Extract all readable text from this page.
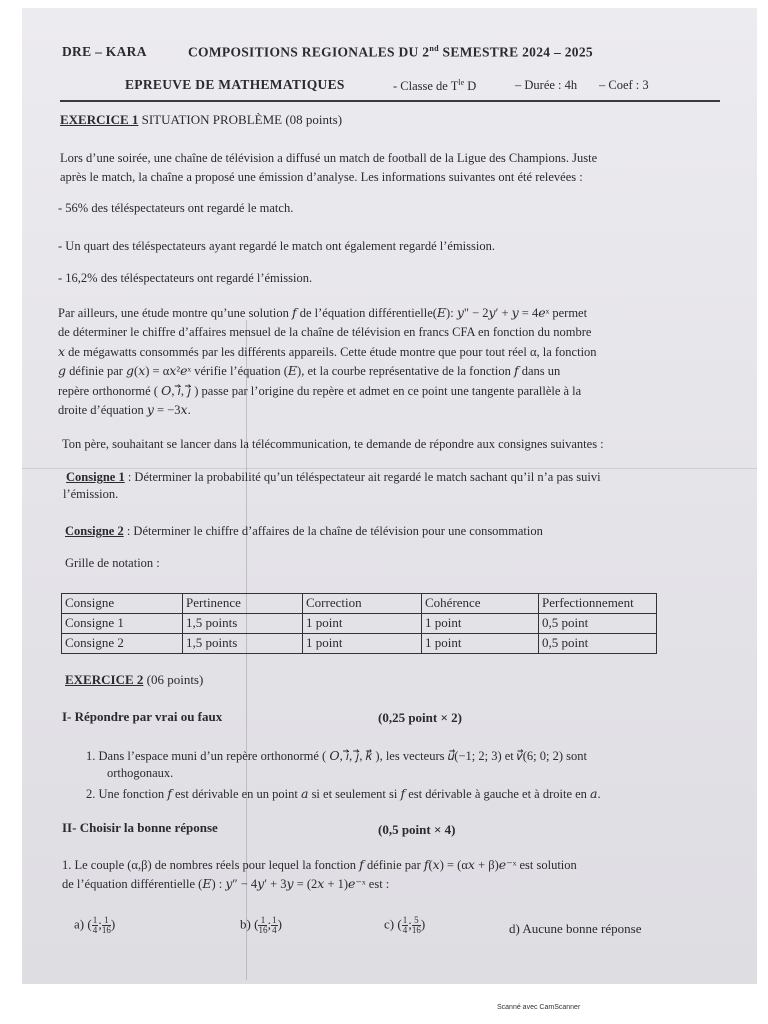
DRE – KARA	COMPOSITIONS REGIONALES DU 2nd SEMESTRE 2024 – 2025
EPREUVE DE MATHEMATIQUES	- Classe de $T^{le}$ D	– Durée : 4h – Coef : 3
EXERCICE 1 SITUATION PROBLÈME (08 points)
Lors d’une soirée, une chaîne de télévision a diffusé un match de football de la Ligue des Champions. Juste
après le match, la chaîne a proposé une émission d’analyse. Les informations suivantes ont été relevées :
- 56% des téléspectateurs ont regardé le match.
- Un quart des téléspectateurs ayant regardé le match ont également regardé l’émission.
- 16,2% des téléspectateurs ont regardé l’émission.
Par ailleurs, une étude montre qu’une solution 𝑓 de l’équation différentielle(𝐸): 𝑦" − 2𝑦′ + 𝑦 = 4𝑒ˣ permet
de déterminer le chiffre d’affaires mensuel de la chaîne de télévision en francs CFA en fonction du nombre
𝑥 de mégawatts consommés par les différents appareils. Cette étude montre que pour tout réel α, la fonction
𝑔 définie par 𝑔(𝑥) = α𝑥²𝑒ˣ vérifie l’équation (𝐸), et la courbe représentative de la fonction 𝑓 dans un
repère orthonormé ( 𝑂, 𝑖⃗, 𝑗⃗ ) passe par l’origine du repère et admet en ce point une tangente parallèle à la
droite d’équation 𝑦 = −3𝑥.
Ton père, souhaitant se lancer dans la télécommunication, te demande de répondre aux consignes suivantes :
Consigne 1 : Déterminer la probabilité qu’un téléspectateur ait regardé le match sachant qu’il n’a pas suivi
l’émission.
Consigne 2 : Déterminer le chiffre d’affaires de la chaîne de télévision pour une consommation
Grille de notation :
Consigne	Pertinence	Correction	Cohérence	Perfectionnement
Consigne 1	1,5 points	1 point	1 point	0,5 point
Consigne 2	1,5 points	1 point	1 point	0,5 point
EXERCICE 2 (06 points)
I- Répondre par vrai ou faux	(0,25 point × 2)
1. Dans l’espace muni d’un repère orthonormé ( 𝑂, 𝑖⃗, 𝑗⃗, 𝑘⃗ ), les vecteurs 𝑢⃗(−1; 2; 3) et 𝑣⃗(6; 0; 2) sont
orthogonaux.
2. Une fonction 𝑓 est dérivable en un point 𝑎 si et seulement si 𝑓 est dérivable à gauche et à droite en 𝑎.
II- Choisir la bonne réponse	(0,5 point × 4)
1. Le couple (α,β) de nombres réels pour lequel la fonction 𝑓 définie par 𝑓(𝑥) = (α𝑥 + β)𝑒⁻ˣ est solution
de l’équation différentielle (𝐸) : 𝑦″ − 4𝑦′ + 3𝑦 = (2𝑥 + 1)𝑒⁻ˣ est :
a) ( $\frac{1}{4}$ ; $\frac{1}{16}$ )	b) ( $\frac{1}{16}$ ; $\frac{1}{4}$ )	c) ( $\frac{1}{4}$ ; $\frac{5}{16}$ )	d) Aucune bonne réponse
Scanné avec CamScanner
